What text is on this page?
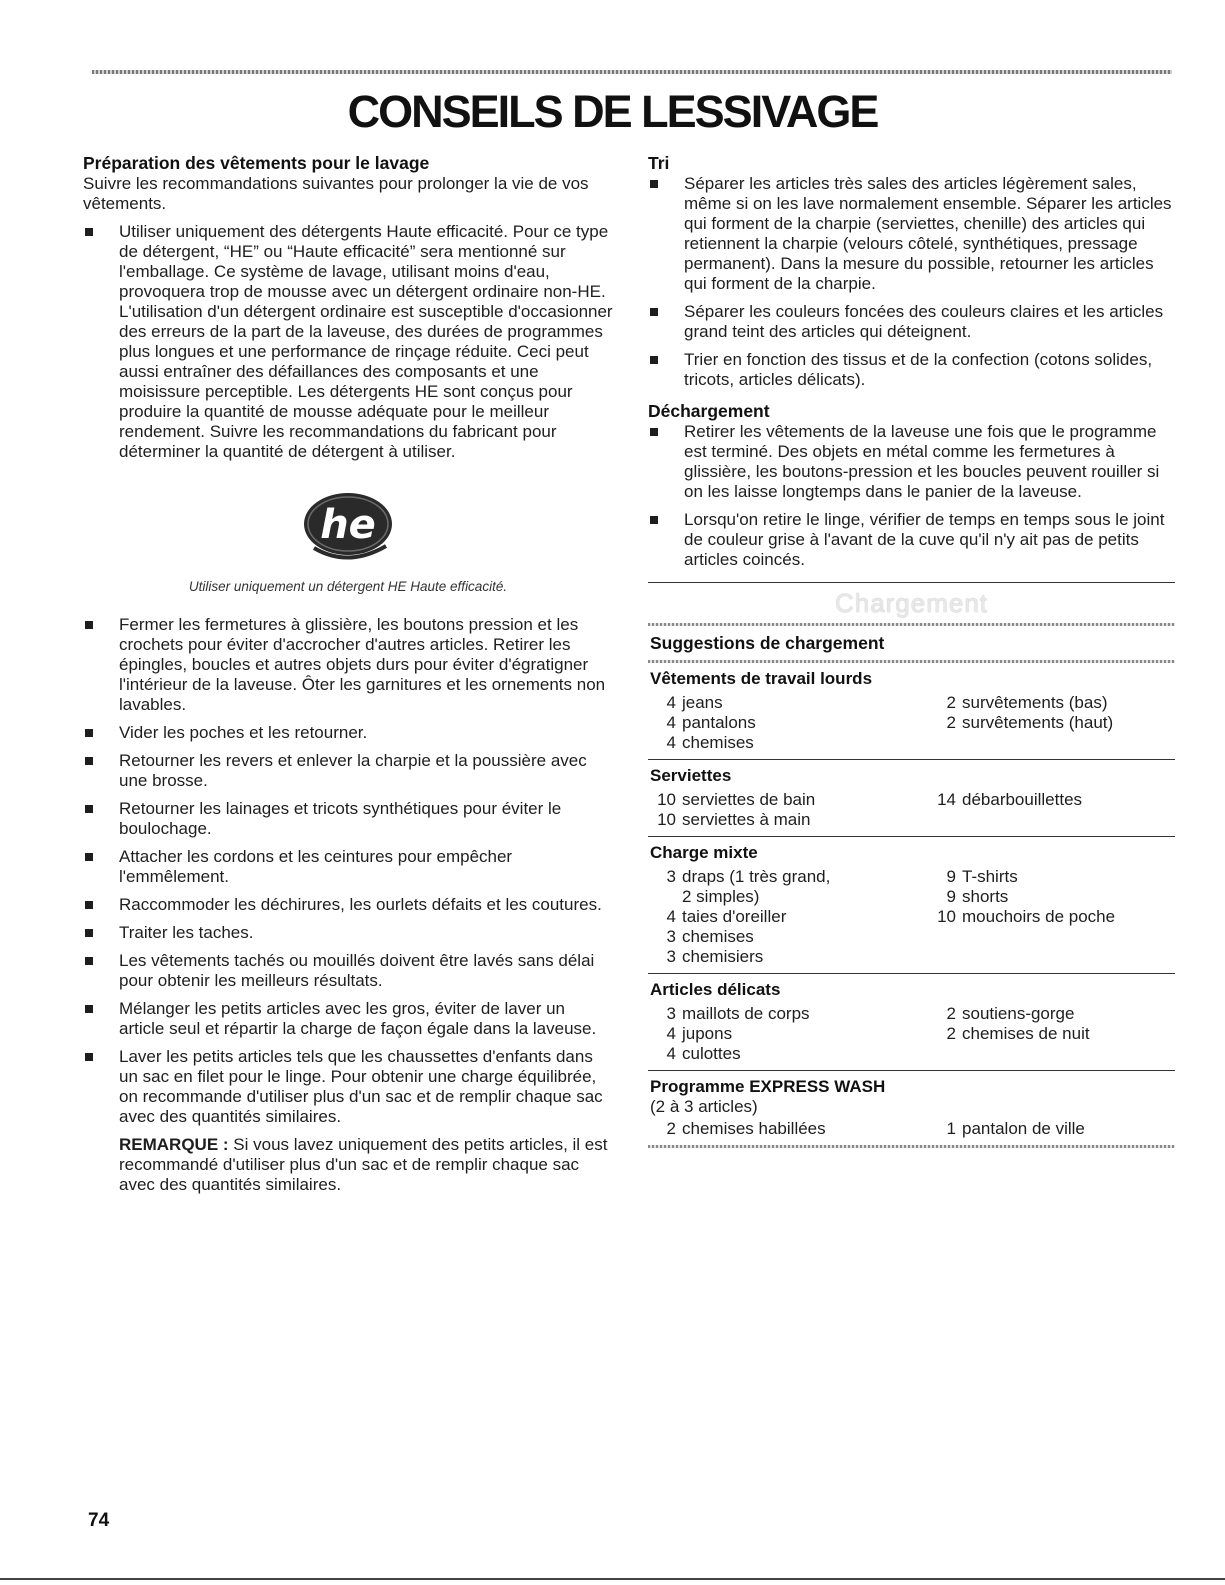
CONSEILS DE LESSIVAGE
Préparation des vêtements pour le lavage

Suivre les recommandations suivantes pour prolonger la vie de vos vêtements.

Utiliser uniquement des détergents Haute efficacité. Pour ce type de détergent, “HE” ou “Haute efficacité” sera mentionné sur l'emballage. Ce système de lavage, utilisant moins d'eau, provoquera trop de mousse avec un détergent ordinaire non-HE. L'utilisation d'un détergent ordinaire est susceptible d'occasionner des erreurs de la part de la laveuse, des durées de programmes plus longues et une performance de rinçage réduite. Ceci peut aussi entraîner des défaillances des composants et une moisissure perceptible. Les détergents HE sont conçus pour produire la quantité de mousse adéquate pour le meilleur rendement. Suivre les recommandations du fabricant pour déterminer la quantité de détergent à utiliser.
he

Utiliser uniquement un détergent HE Haute efficacité.

Fermer les fermetures à glissière, les boutons pression et les crochets pour éviter d'accrocher d'autres articles. Retirer les épingles, boucles et autres objets durs pour éviter d'égratigner l'intérieur de la laveuse. Ôter les garnitures et les ornements non lavables.
Vider les poches et les retourner.
Retourner les revers et enlever la charpie et la poussière avec une brosse.
Retourner les lainages et tricots synthétiques pour éviter le boulochage.
Attacher les cordons et les ceintures pour empêcher l'emmêlement.
Raccommoder les déchirures, les ourlets défaits et les coutures.
Traiter les taches.
Les vêtements tachés ou mouillés doivent être lavés sans délai pour obtenir les meilleurs résultats.
Mélanger les petits articles avec les gros, éviter de laver un article seul et répartir la charge de façon égale dans la laveuse.
Laver les petits articles tels que les chaussettes d'enfants dans un sac en filet pour le linge. Pour obtenir une charge équilibrée, on recommande d'utiliser plus d'un sac et de remplir chaque sac avec des quantités similaires.

REMARQUE : Si vous lavez uniquement des petits articles, il est recommandé d'utiliser plus d'un sac et de remplir chaque sac avec des quantités similaires.

Tri
Séparer les articles très sales des articles légèrement sales, même si on les lave normalement ensemble. Séparer les articles qui forment de la charpie (serviettes, chenille) des articles qui retiennent la charpie (velours côtelé, synthétiques, pressage permanent). Dans la mesure du possible, retourner les articles qui forment de la charpie.
Séparer les couleurs foncées des couleurs claires et les articles grand teint des articles qui déteignent.
Trier en fonction des tissus et de la confection (cotons solides, tricots, articles délicats).
Déchargement
Retirer les vêtements de la laveuse une fois que le programme est terminé. Des objets en métal comme les fermetures à glissière, les boutons-pression et les boucles peuvent rouiller si on les laisse longtemps dans le panier de la laveuse.
Lorsqu'on retire le linge, vérifier de temps en temps sous le joint de couleur grise à l'avant de la cuve qu'il n'y ait pas de petits articles coincés.
Chargement
Suggestions de chargement
Vêtements de travail lourds
4 jeans
4 pantalons
4 chemises
2 survêtements (bas)
2 survêtements (haut)
Serviettes
10 serviettes de bain
10 serviettes à main
14 débarbouillettes
Charge mixte
3 draps (1 très grand,
2 simples)
4 taies d'oreiller
3 chemises
3 chemisiers
9 T-shirts
9 shorts
10 mouchoirs de poche
Articles délicats
3 maillots de corps
4 jupons
4 culottes
2 soutiens-gorge
2 chemises de nuit
Programme EXPRESS WASH

(2 à 3 articles)

2 chemises habillées	1 pantalon de ville
74
